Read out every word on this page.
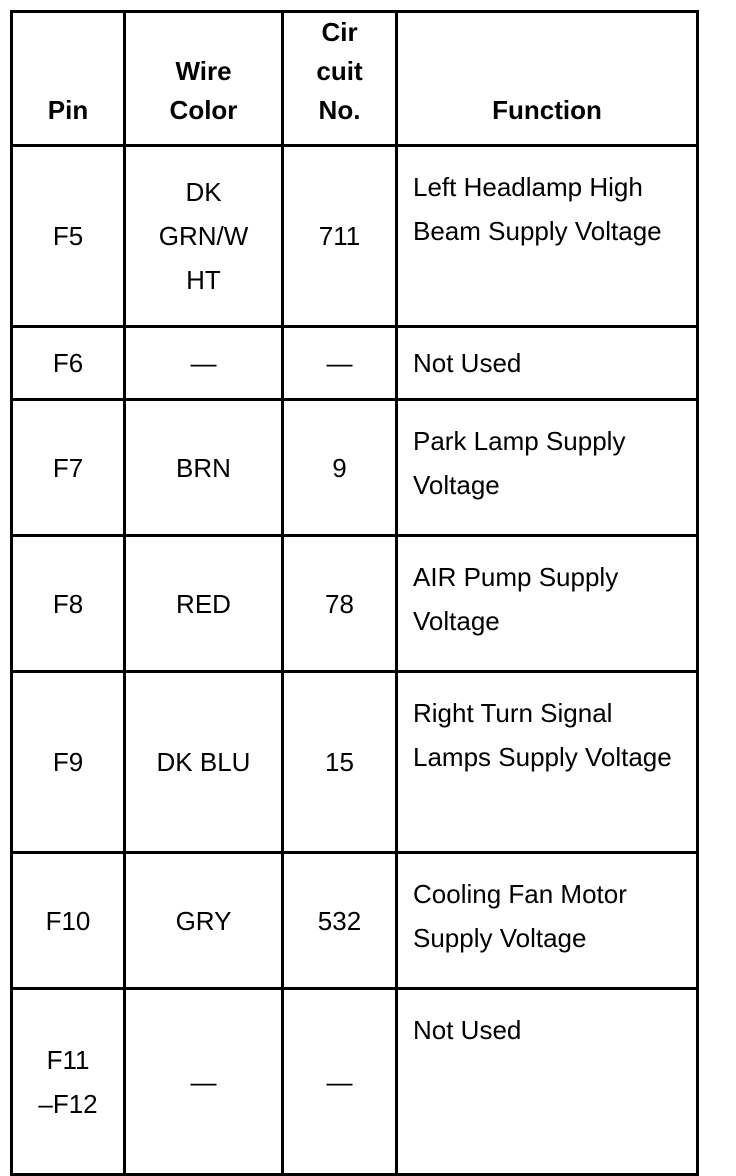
Pin	Wire Color	Cir cuit No.	Function

F5	DK GRN/W HT	711	Left Headlamp High Beam Supply Voltage

F6	—	—	Not Used

F7	BRN	9	Park Lamp Supply Voltage

F8	RED	78	AIR Pump Supply Voltage

F9	DK BLU	15	Right Turn Signal Lamps Supply Voltage

F10	GRY	532	Cooling Fan Motor Supply Voltage

F11 –F12	—	—	Not Used
